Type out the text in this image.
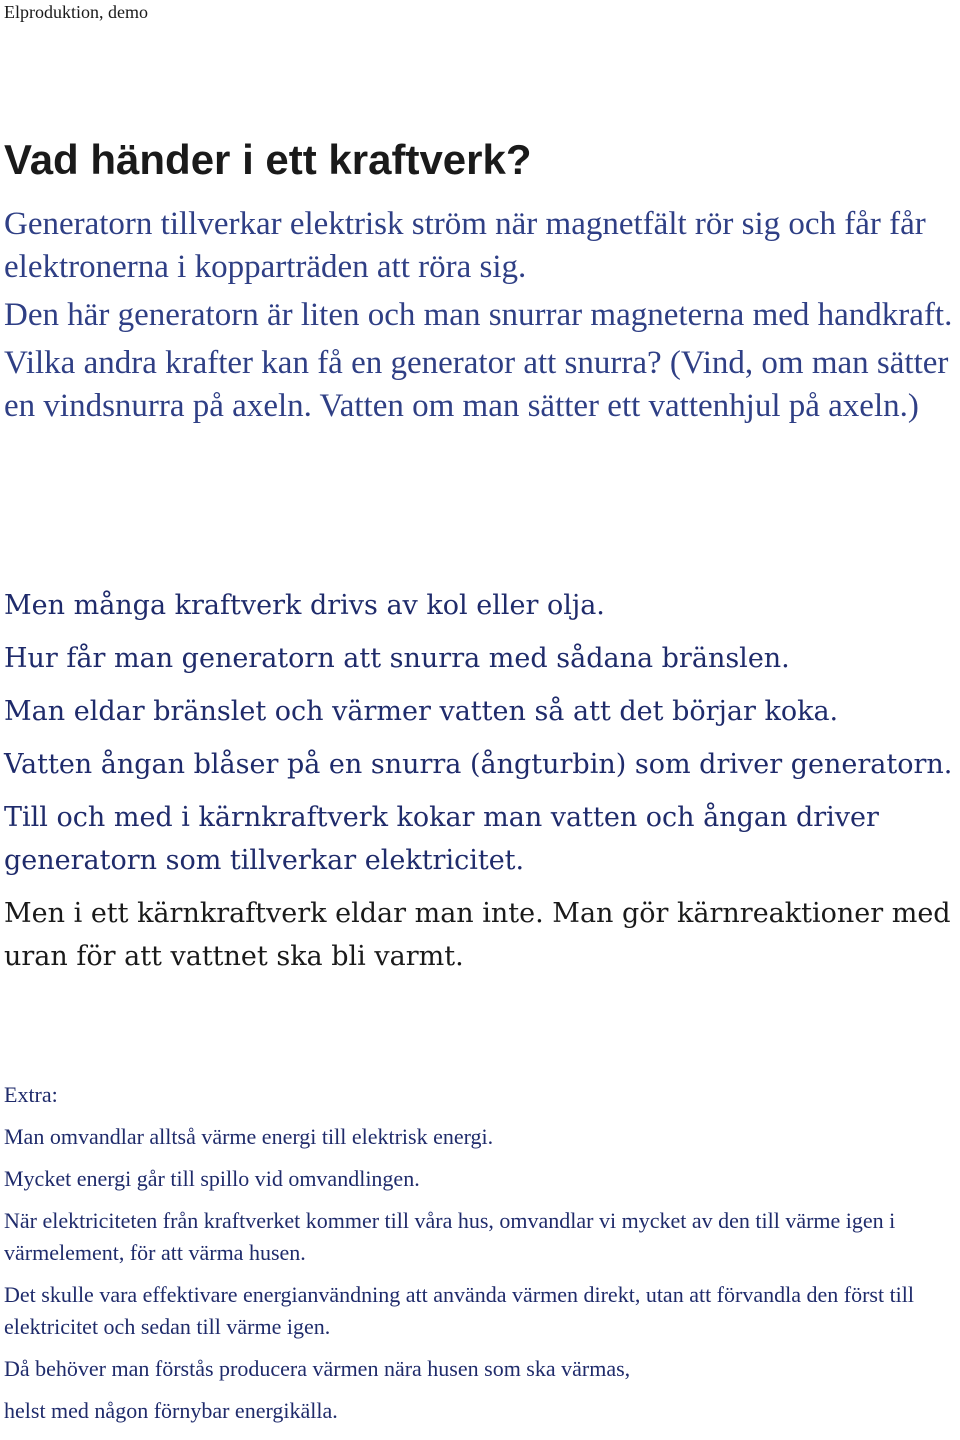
Elproduktion, demo
Vad händer i ett kraftverk?

Generatorn tillverkar elektrisk ström när magnetfält rör sig och får får elektronerna i kopparträden att röra sig.

Den här generatorn är liten och man snurrar magneterna med handkraft.

Vilka andra krafter kan få en generator att snurra? (Vind, om man sätter en vindsnurra på axeln. Vatten om man sätter ett vattenhjul på axeln.)

Men många kraftverk drivs av kol eller olja.

Hur får man generatorn att snurra med sådana bränslen.

Man eldar bränslet och värmer vatten så att det börjar koka.

Vatten ångan blåser på en snurra (ångturbin) som driver generatorn.

Till och med i kärnkraftverk kokar man vatten och ångan driver generatorn som tillverkar elektricitet.

Men i ett kärnkraftverk eldar man inte. Man gör kärnreaktioner med uran för att vattnet ska bli varmt.

Extra:

Man omvandlar alltså värme energi till elektrisk energi.

Mycket energi går till spillo vid omvandlingen.

När elektriciteten från kraftverket kommer till våra hus, omvandlar vi mycket av den till värme igen i värmelement, för att värma husen.

Det skulle vara effektivare energianvändning att använda värmen direkt, utan att förvandla den först till elektricitet och sedan till värme igen.

Då behöver man förstås producera värmen nära husen som ska värmas,

helst med någon förnybar energikälla.
